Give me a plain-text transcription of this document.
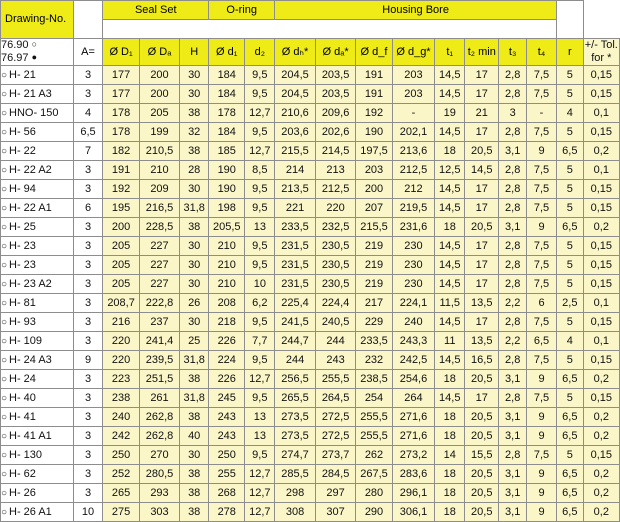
Drawing-No.		Seal Set			O-ring		Housing Bore									

76.90 ○
76.97 ●	A=	Ø D₁	Ø Dₐ	H	Ø d₁	d₂	Ø dₕ*	Ø dₐ*	Ø d_f	Ø d_g*	t₁	t₂ min	t₃	t₄	r	+/- Tol.
for *

○ H- 21	3	177	200	30	184	9,5	204,5	203,5	191	203	14,5	17	2,8	7,5	5	0,15
○ H- 21 A3	3	177	200	30	184	9,5	204,5	203,5	191	203	14,5	17	2,8	7,5	5	0,15
○ HNO- 150	4	178	205	38	178	12,7	210,6	209,6	192	-	19	21	3	-	4	0,1
○ H- 56	6,5	178	199	32	184	9,5	203,6	202,6	190	202,1	14,5	17	2,8	7,5	5	0,15
○ H- 22	7	182	210,5	38	185	12,7	215,5	214,5	197,5	213,6	18	20,5	3,1	9	6,5	0,2
○ H- 22 A2	3	191	210	28	190	8,5	214	213	203	212,5	12,5	14,5	2,8	7,5	5	0,1
○ H- 94	3	192	209	30	190	9,5	213,5	212,5	200	212	14,5	17	2,8	7,5	5	0,15
○ H- 22 A1	6	195	216,5	31,8	198	9,5	221	220	207	219,5	14,5	17	2,8	7,5	5	0,15
○ H- 25	3	200	228,5	38	205,5	13	233,5	232,5	215,5	231,6	18	20,5	3,1	9	6,5	0,2
○ H- 23	3	205	227	30	210	9,5	231,5	230,5	219	230	14,5	17	2,8	7,5	5	0,15
○ H- 23	3	205	227	30	210	9,5	231,5	230,5	219	230	14,5	17	2,8	7,5	5	0,15
○ H- 23 A2	3	205	227	30	210	10	231,5	230,5	219	230	14,5	17	2,8	7,5	5	0,15
○ H- 81	3	208,7	222,8	26	208	6,2	225,4	224,4	217	224,1	11,5	13,5	2,2	6	2,5	0,1
○ H- 93	3	216	237	30	218	9,5	241,5	240,5	229	240	14,5	17	2,8	7,5	5	0,15
○ H- 109	3	220	241,4	25	226	7,7	244,7	244	233,5	243,3	11	13,5	2,2	6,5	4	0,1
○ H- 24 A3	9	220	239,5	31,8	224	9,5	244	243	232	242,5	14,5	16,5	2,8	7,5	5	0,15
○ H- 24	3	223	251,5	38	226	12,7	256,5	255,5	238,5	254,6	18	20,5	3,1	9	6,5	0,2
○ H- 40	3	238	261	31,8	245	9,5	265,5	264,5	254	264	14,5	17	2,8	7,5	5	0,15
○ H- 41	3	240	262,8	38	243	13	273,5	272,5	255,5	271,6	18	20,5	3,1	9	6,5	0,2
○ H- 41 A1	3	242	262,8	40	243	13	273,5	272,5	255,5	271,6	18	20,5	3,1	9	6,5	0,2
○ H- 130	3	250	270	30	250	9,5	274,7	273,7	262	273,2	14	15,5	2,8	7,5	5	0,15
○ H- 62	3	252	280,5	38	255	12,7	285,5	284,5	267,5	283,6	18	20,5	3,1	9	6,5	0,2
○ H- 26	3	265	293	38	268	12,7	298	297	280	296,1	18	20,5	3,1	9	6,5	0,2
○ H- 26 A1	10	275	303	38	278	12,7	308	307	290	306,1	18	20,5	3,1	9	6,5	0,2
